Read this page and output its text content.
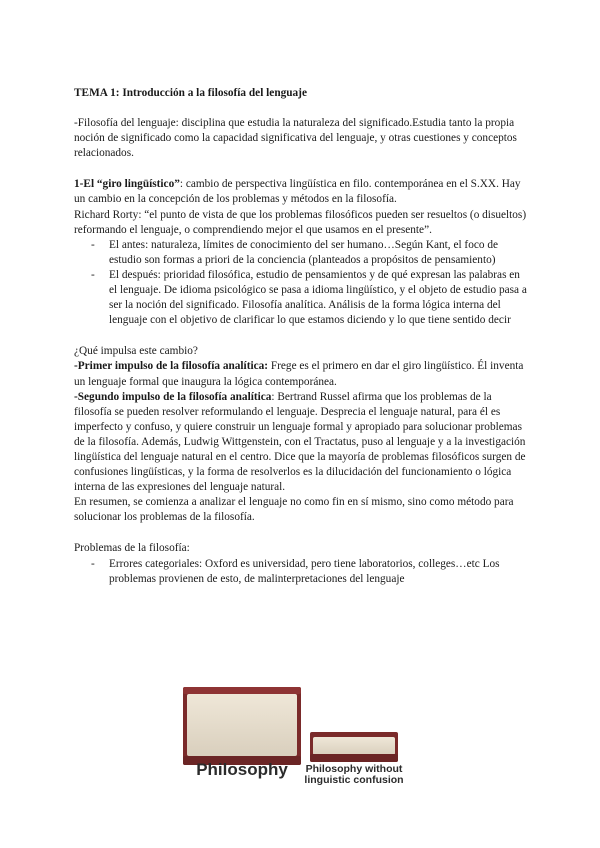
TEMA 1: Introducción a la filosofía del lenguaje

-Filosofía del lenguaje: disciplina que estudia la naturaleza del significado.Estudia tanto la propia noción de significado como la capacidad significativa del lenguaje, y otras cuestiones y conceptos relacionados.

1-El “giro lingüístico”: cambio de perspectiva lingüística en filo. contemporánea en el S.XX. Hay un cambio en la concepción de los problemas y métodos en la filosofía.

Richard Rorty: “el punto de vista de que los problemas filosóficos pueden ser resueltos (o disueltos) reformando el lenguaje, o comprendiendo mejor el que usamos en el presente”.

- El antes: naturaleza, límites de conocimiento del ser humano…Según Kant, el foco de estudio son formas a priori de la conciencia (planteados a propósitos de pensamiento)
- El después: prioridad filosófica, estudio de pensamientos y de qué expresan las palabras en el lenguaje. De idioma psicológico se pasa a idioma lingüístico, y el objeto de estudio pasa a ser la noción del significado. Filosofía analítica. Análisis de la forma lógica interna del lenguaje con el objetivo de clarificar lo que estamos diciendo y lo que tiene sentido decir

¿Qué impulsa este cambio?

-Primer impulso de la filosofía analítica: Frege es el primero en dar el giro lingüístico. Él inventa un lenguaje formal que inaugura la lógica contemporánea.

-Segundo impulso de la filosofía analítica: Bertrand Russel afirma que los problemas de la filosofía se pueden resolver reformulando el lenguaje. Desprecia el lenguaje natural, para él es imperfecto y confuso, y quiere construir un lenguaje formal y apropiado para solucionar problemas de la filosofía. Además, Ludwig Wittgenstein, con el Tractatus, puso al lenguaje y a la investigación lingüística del lenguaje natural en el centro. Dice que la mayoría de problemas filosóficos surgen de confusiones lingüísticas, y la forma de resolverlos es la dilucidación del funcionamiento o lógica interna de las expresiones del lenguaje natural.

En resumen, se comienza a analizar el lenguaje no como fin en sí mismo, sino como método para solucionar los problemas de la filosofía.

Problemas de la filosofía:

- Errores categoriales: Oxford es universidad, pero tiene laboratorios, colleges…etc Los problemas provienen de esto, de malinterpretaciones del lenguaje
Philosophy	Philosophy without linguistic confusion
